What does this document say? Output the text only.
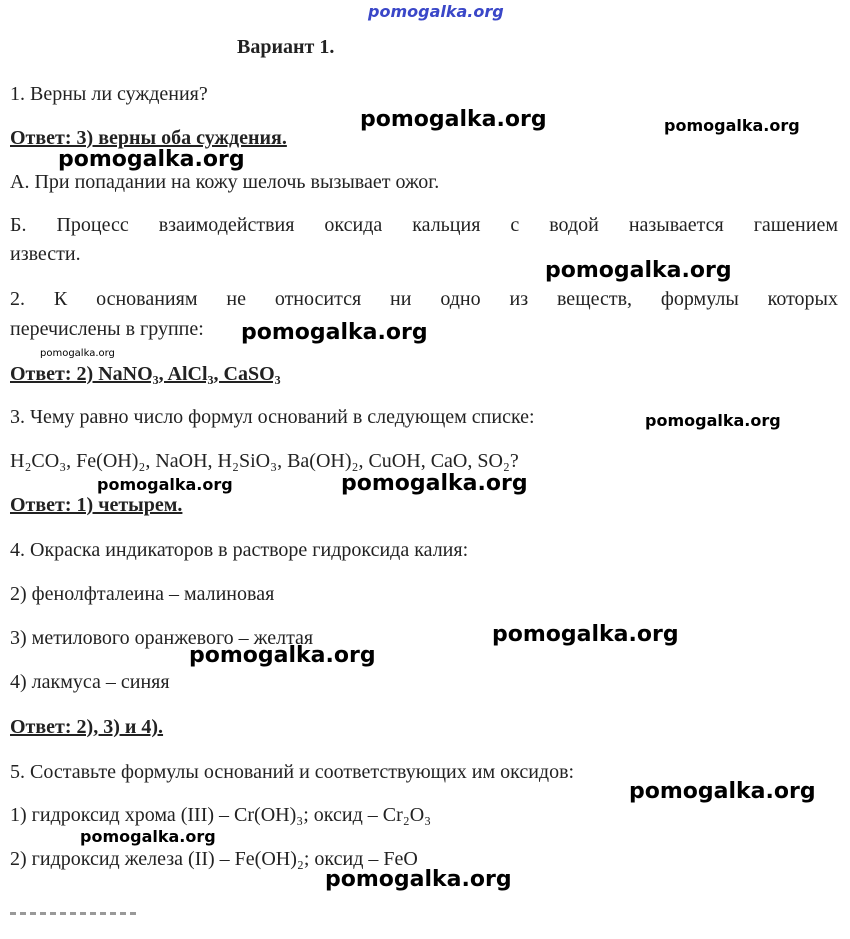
pomogalka.org
Вариант 1.
1. Верны ли суждения?
Ответ: 3) верны оба суждения.
А. При попадании на кожу шелочь вызывает ожог.
Б. Процесс взаимодействия оксида кальция с водой называется гашением
извести.
2. К основаниям не относится ни одно из веществ, формулы которых
перечислены в группе:
Ответ: 2) NaNO₃, AlCl₃, CaSO₃
3. Чему равно число формул оснований в следующем списке:
H₂CO₃, Fe(OH)₂, NaOH, H₂SiO₃, Ba(OH)₂, CuOH, CaO, SO₂?
Ответ: 1) четырем.
4. Окраска индикаторов в растворе гидроксида калия:
2) фенолфталеина – малиновая
3) метилового оранжевого – желтая
4) лакмуса – синяя
Ответ: 2), 3) и 4).
5. Составьте формулы оснований и соответствующих им оксидов:
1) гидроксид хрома (III) – Cr(OH)₃; оксид – Cr₂O₃
2) гидроксид железа (II) – Fe(OH)₂; оксид – FeO
pomogalka.org	pomogalka.org
pomogalka.org
pomogalka.org
pomogalka.org
pomogalka.org
pomogalka.org
pomogalka.org	pomogalka.org
pomogalka.org
pomogalka.org
pomogalka.org
pomogalka.org
pomogalka.org
